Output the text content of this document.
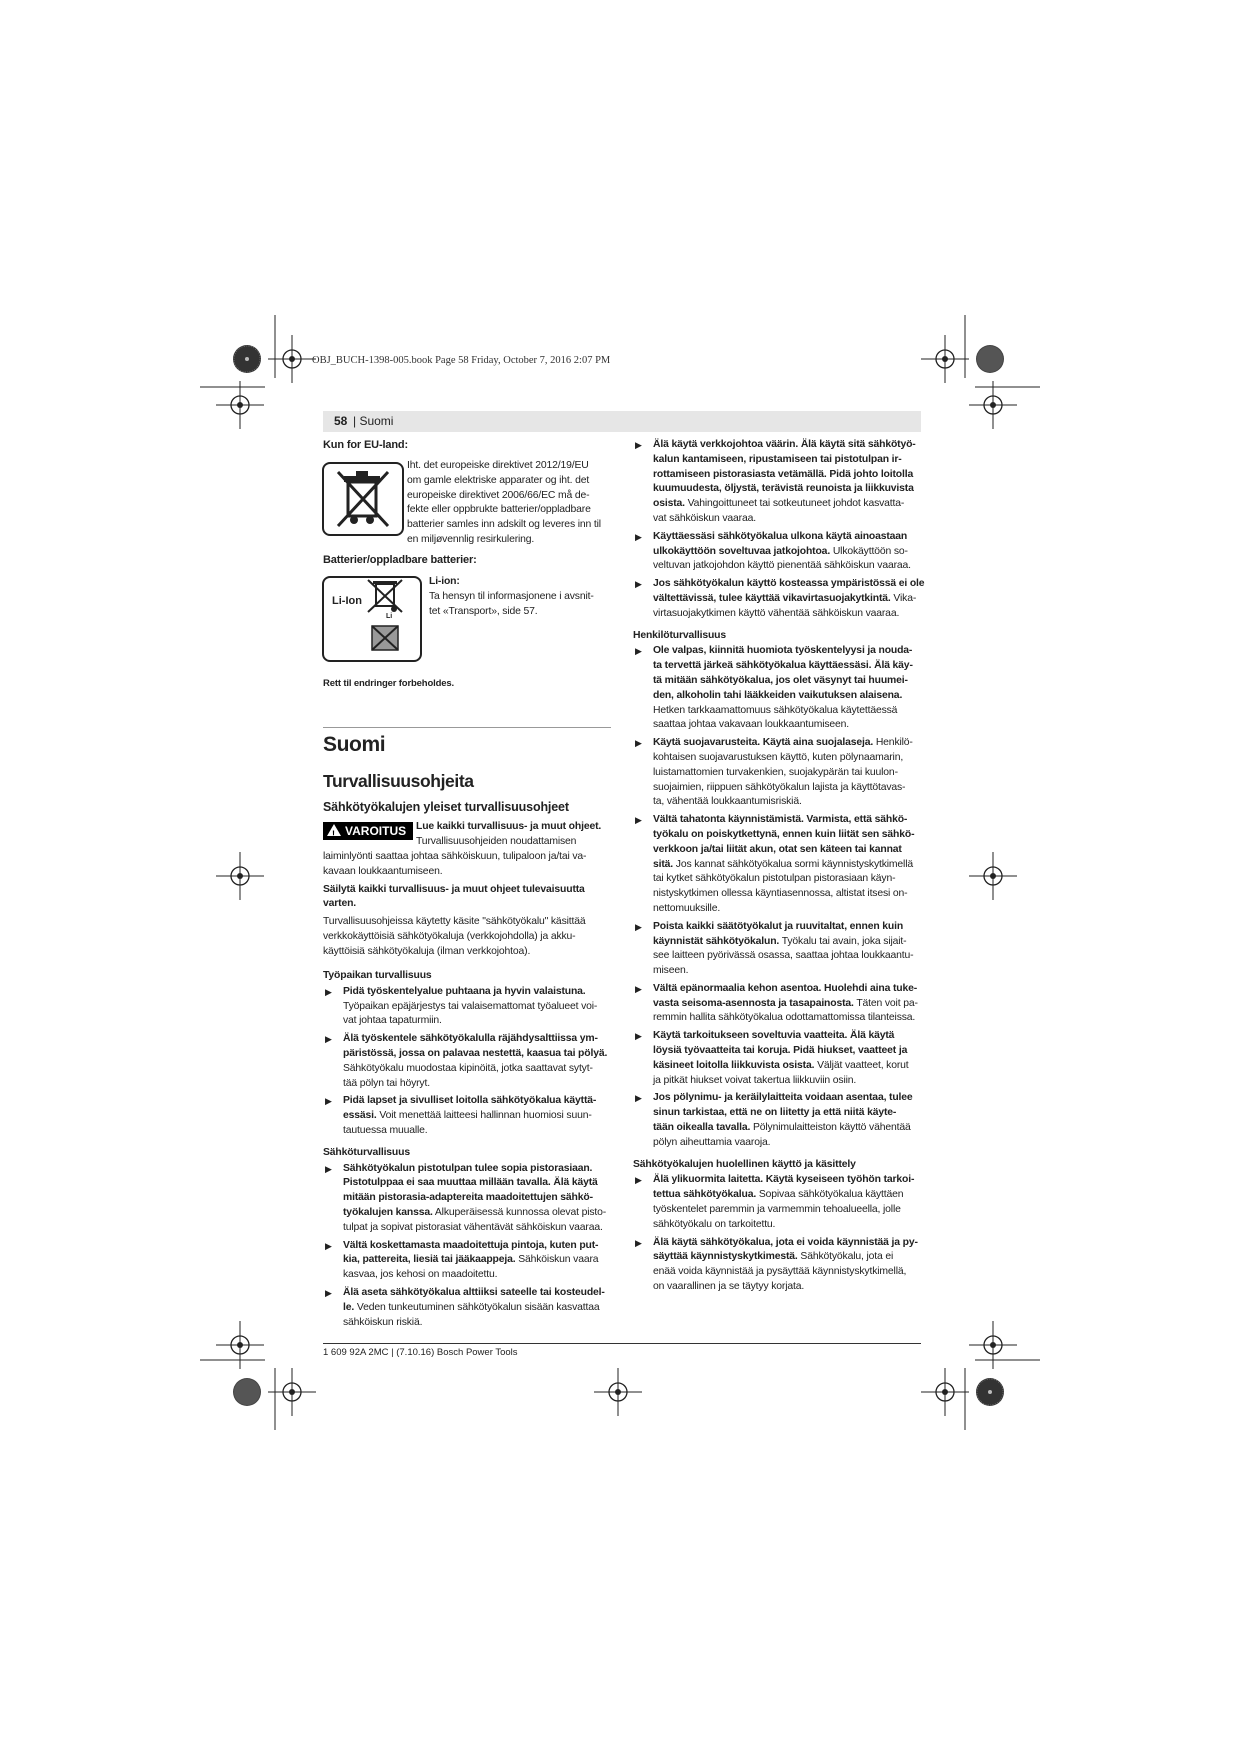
OBJ_BUCH-1398-005.book Page 58 Friday, October 7, 2016 2:07 PM
58 | Suomi

Kun for EU-land:

Iht. det europeiske direktivet 2012/19/EU

om gamle elektriske apparater og iht. det

europeiske direktivet 2006/66/EC må de-

fekte eller oppbrukte batterier/oppladbare

batterier samles inn adskilt og leveres inn til

en miljøvennlig resirkulering.

Batterier/oppladbare batterier:

Li-Ion
Li

Li-ion:

Ta hensyn til informasjonene i avsnit-

tet «Transport», side 57.

Rett til endringer forbeholdes.

Suomi

Turvallisuusohjeita

Sähkötyökalujen yleiset turvallisuusohjeet

!VAROITUS Lue kaikki turvallisuus- ja muut ohjeet.

Turvallisuusohjeiden noudattamisen

laiminlyönti saattaa johtaa sähköiskuun, tulipaloon ja/tai va-

kavaan loukkaantumiseen.

Säilytä kaikki turvallisuus- ja muut ohjeet tulevaisuutta

varten.

Turvallisuusohjeissa käytetty käsite "sähkötyökalu" käsittää

verkkokäyttöisiä sähkötyökaluja (verkkojohdolla) ja akku-

käyttöisiä sähkötyökaluja (ilman verkkojohtoa).

Työpaikan turvallisuus

▶ Pidä työskentelyalue puhtaana ja hyvin valaistuna.

Työpaikan epäjärjestys tai valaisemattomat työalueet voi-

vat johtaa tapaturmiin.

▶ Älä työskentele sähkötyökalulla räjähdysalttiissa ym-

päristössä, jossa on palavaa nestettä, kaasua tai pölyä.

Sähkötyökalu muodostaa kipinöitä, jotka saattavat sytyt-

tää pölyn tai höyryt.

▶ Pidä lapset ja sivulliset loitolla sähkötyökalua käyttä-

essäsi. Voit menettää laitteesi hallinnan huomiosi suun-

tautuessa muualle.

Sähköturvallisuus

▶ Sähkötyökalun pistotulpan tulee sopia pistorasiaan.

Pistotulppaa ei saa muuttaa millään tavalla. Älä käytä

mitään pistorasia-adaptereita maadoitettujen sähkö-

työkalujen kanssa. Alkuperäisessä kunnossa olevat pisto-

tulpat ja sopivat pistorasiat vähentävät sähköiskun vaaraa.

▶ Vältä koskettamasta maadoitettuja pintoja, kuten put-

kia, pattereita, liesiä tai jääkaappeja. Sähköiskun vaara

kasvaa, jos kehosi on maadoitettu.

▶ Älä aseta sähkötyökalua alttiiksi sateelle tai kosteudel-

le. Veden tunkeutuminen sähkötyökalun sisään kasvattaa

sähköiskun riskiä.

▶ Älä käytä verkkojohtoa väärin. Älä käytä sitä sähkötyö-

kalun kantamiseen, ripustamiseen tai pistotulpan ir-

rottamiseen pistorasiasta vetämällä. Pidä johto loitolla

kuumuudesta, öljystä, terävistä reunoista ja liikkuvista

osista. Vahingoittuneet tai sotkeutuneet johdot kasvatta-

vat sähköiskun vaaraa.

▶ Käyttäessäsi sähkötyökalua ulkona käytä ainoastaan

ulkokäyttöön soveltuvaa jatkojohtoa. Ulkokäyttöön so-

veltuvan jatkojohdon käyttö pienentää sähköiskun vaaraa.

▶ Jos sähkötyökalun käyttö kosteassa ympäristössä ei ole

vältettävissä, tulee käyttää vikavirtasuojakytkintä. Vika-

virtasuojakytkimen käyttö vähentää sähköiskun vaaraa.

Henkilöturvallisuus

▶ Ole valpas, kiinnitä huomiota työskentelyysi ja nouda-

ta tervettä järkeä sähkötyökalua käyttäessäsi. Älä käy-

tä mitään sähkötyökalua, jos olet väsynyt tai huumei-

den, alkoholin tahi lääkkeiden vaikutuksen alaisena.

Hetken tarkkaamattomuus sähkötyökalua käytettäessä

saattaa johtaa vakavaan loukkaantumiseen.

▶ Käytä suojavarusteita. Käytä aina suojalaseja. Henkilö-

kohtaisen suojavarustuksen käyttö, kuten pölynaamarin,

luistamattomien turvakenkien, suojakypärän tai kuulon-

suojaimien, riippuen sähkötyökalun lajista ja käyttötavas-

ta, vähentää loukkaantumisriskiä.

▶ Vältä tahatonta käynnistämistä. Varmista, että sähkö-

työkalu on poiskytkettynä, ennen kuin liität sen sähkö-

verkkoon ja/tai liität akun, otat sen käteen tai kannat

sitä. Jos kannat sähkötyökalua sormi käynnistyskytkimellä

tai kytket sähkötyökalun pistotulpan pistorasiaan käyn-

nistyskytkimen ollessa käyntiasennossa, altistat itsesi on-

nettomuuksille.

▶ Poista kaikki säätötyökalut ja ruuvitaltat, ennen kuin

käynnistät sähkötyökalun. Työkalu tai avain, joka sijait-

see laitteen pyörivässä osassa, saattaa johtaa loukkaantu-

miseen.

▶ Vältä epänormaalia kehon asentoa. Huolehdi aina tuke-

vasta seisoma-asennosta ja tasapainosta. Täten voit pa-

remmin hallita sähkötyökalua odottamattomissa tilanteissa.

▶ Käytä tarkoitukseen soveltuvia vaatteita. Älä käytä

löysiä työvaatteita tai koruja. Pidä hiukset, vaatteet ja

käsineet loitolla liikkuvista osista. Väljät vaatteet, korut

ja pitkät hiukset voivat takertua liikkuviin osiin.

▶ Jos pölynimu- ja keräilylaitteita voidaan asentaa, tulee

sinun tarkistaa, että ne on liitetty ja että niitä käyte-

tään oikealla tavalla. Pölynimulaitteiston käyttö vähentää

pölyn aiheuttamia vaaroja.

Sähkötyökalujen huolellinen käyttö ja käsittely

▶ Älä ylikuormita laitetta. Käytä kyseiseen työhön tarkoi-

tettua sähkötyökalua. Sopivaa sähkötyökalua käyttäen

työskentelet paremmin ja varmemmin tehoalueella, jolle

sähkötyökalu on tarkoitettu.

▶ Älä käytä sähkötyökalua, jota ei voida käynnistää ja py-

säyttää käynnistyskytkimestä. Sähkötyökalu, jota ei

enää voida käynnistää ja pysäyttää käynnistyskytkimellä,

on vaarallinen ja se täytyy korjata.

1 609 92A 2MC | (7.10.16) Bosch Power Tools
